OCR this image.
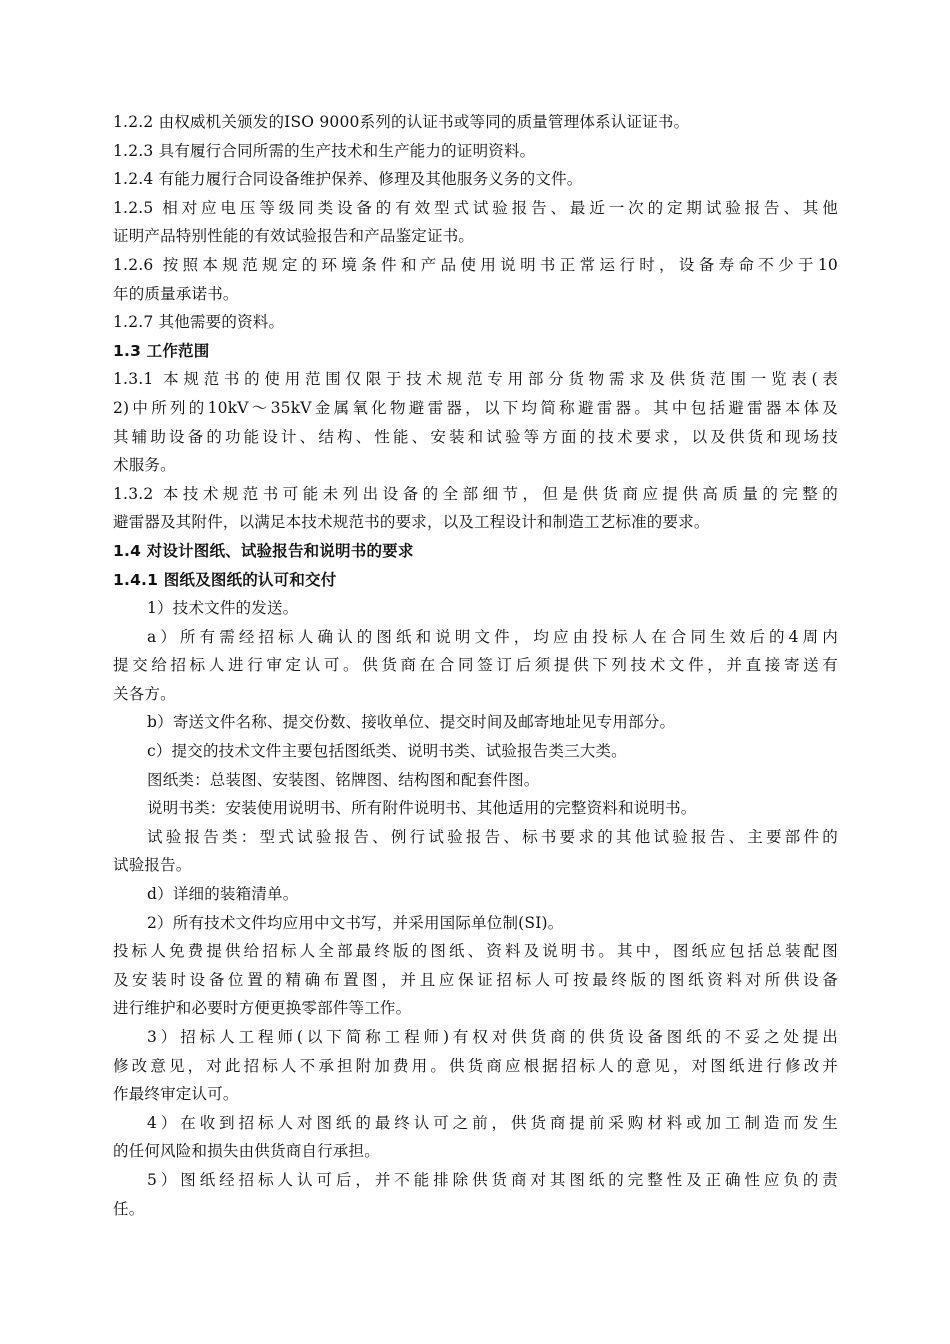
1.2.2 由权威机关颁发的ISO 9000系列的认证书或等同的质量管理体系认证证书。
1.2.3 具有履行合同所需的生产技术和生产能力的证明资料。
1.2.4 有能力履行合同设备维护保养、修理及其他服务义务的文件。
1.2.5 相对应电压等级同类设备的有效型式试验报告、最近一次的定期试验报告、其他
证明产品特别性能的有效试验报告和产品鉴定证书。
1.2.6 按照本规范规定的环境条件和产品使用说明书正常运行时，设备寿命不少于10
年的质量承诺书。
1.2.7 其他需要的资料。
1.3 工作范围
1.3.1 本规范书的使用范围仅限于技术规范专用部分货物需求及供货范围一览表(表
2)中所列的10kV～35kV金属氧化物避雷器，以下均简称避雷器。其中包括避雷器本体及
其辅助设备的功能设计、结构、性能、安装和试验等方面的技术要求，以及供货和现场技
术服务。
1.3.2 本技术规范书可能未列出设备的全部细节，但是供货商应提供高质量的完整的
避雷器及其附件，以满足本技术规范书的要求，以及工程设计和制造工艺标准的要求。
1.4 对设计图纸、试验报告和说明书的要求
1.4.1 图纸及图纸的认可和交付
1）技术文件的发送。
a）所有需经招标人确认的图纸和说明文件，均应由投标人在合同生效后的4周内
提交给招标人进行审定认可。供货商在合同签订后须提供下列技术文件，并直接寄送有
关各方。
b）寄送文件名称、提交份数、接收单位、提交时间及邮寄地址见专用部分。
c）提交的技术文件主要包括图纸类、说明书类、试验报告类三大类。
图纸类：总装图、安装图、铭牌图、结构图和配套件图。
说明书类：安装使用说明书、所有附件说明书、其他适用的完整资料和说明书。
试验报告类：型式试验报告、例行试验报告、标书要求的其他试验报告、主要部件的
试验报告。
d）详细的装箱清单。
2）所有技术文件均应用中文书写，并采用国际单位制(SI)。
投标人免费提供给招标人全部最终版的图纸、资料及说明书。其中，图纸应包括总装配图
及安装时设备位置的精确布置图，并且应保证招标人可按最终版的图纸资料对所供设备
进行维护和必要时方便更换零部件等工作。
3）招标人工程师(以下简称工程师)有权对供货商的供货设备图纸的不妥之处提出
修改意见，对此招标人不承担附加费用。供货商应根据招标人的意见，对图纸进行修改并
作最终审定认可。
4）在收到招标人对图纸的最终认可之前，供货商提前采购材料或加工制造而发生
的任何风险和损失由供货商自行承担。
5）图纸经招标人认可后，并不能排除供货商对其图纸的完整性及正确性应负的责
任。
